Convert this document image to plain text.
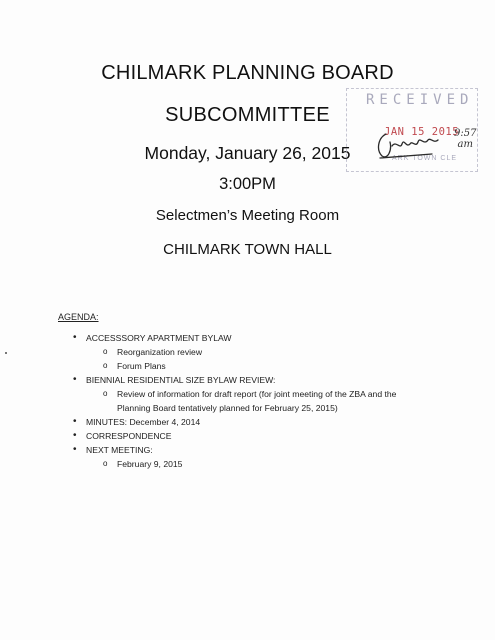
CHILMARK PLANNING BOARD
SUBCOMMITTEE
Monday, January 26, 2015
3:00PM
Selectmen’s Meeting Room
CHILMARK TOWN HALL
RECEIVED
JAN 15 2015
ARK TOWN CLE
9:57
am
AGENDA:
• ACCESSSORY APARTMENT BYLAW
o Reorganization review
o Forum Plans
• BIENNIAL RESIDENTIAL SIZE BYLAW REVIEW:
o Review of information for draft report (for joint meeting of the ZBA and the Planning Board tentatively planned for February 25, 2015)
• MINUTES: December 4, 2014
• CORRESPONDENCE
• NEXT MEETING:
o February 9, 2015
